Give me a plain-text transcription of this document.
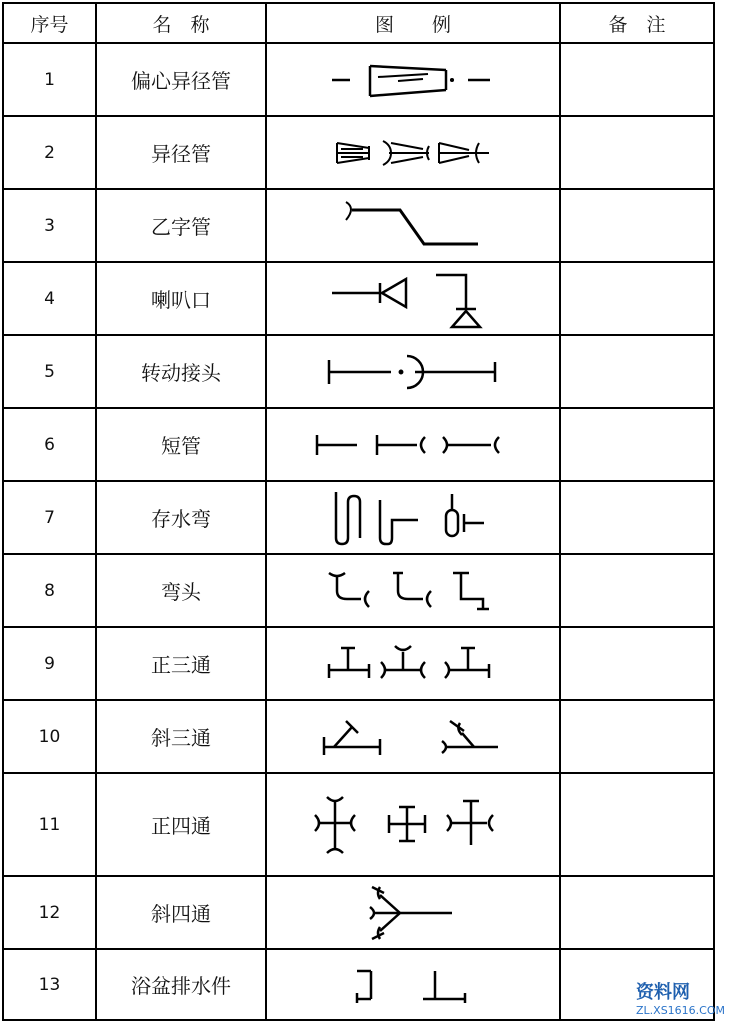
序号	名　称	图　　例	备　注
1	偏心异径管	

2	异径管	

3	乙字管	

4	喇叭口	

5	转动接头	

6	短管	

7	存水弯	

8	弯头	

9	正三通	

10	斜三通	

11	正四通	

12	斜四通	

13	浴盆排水件	
		资料网
ZL.XS1616.COM
